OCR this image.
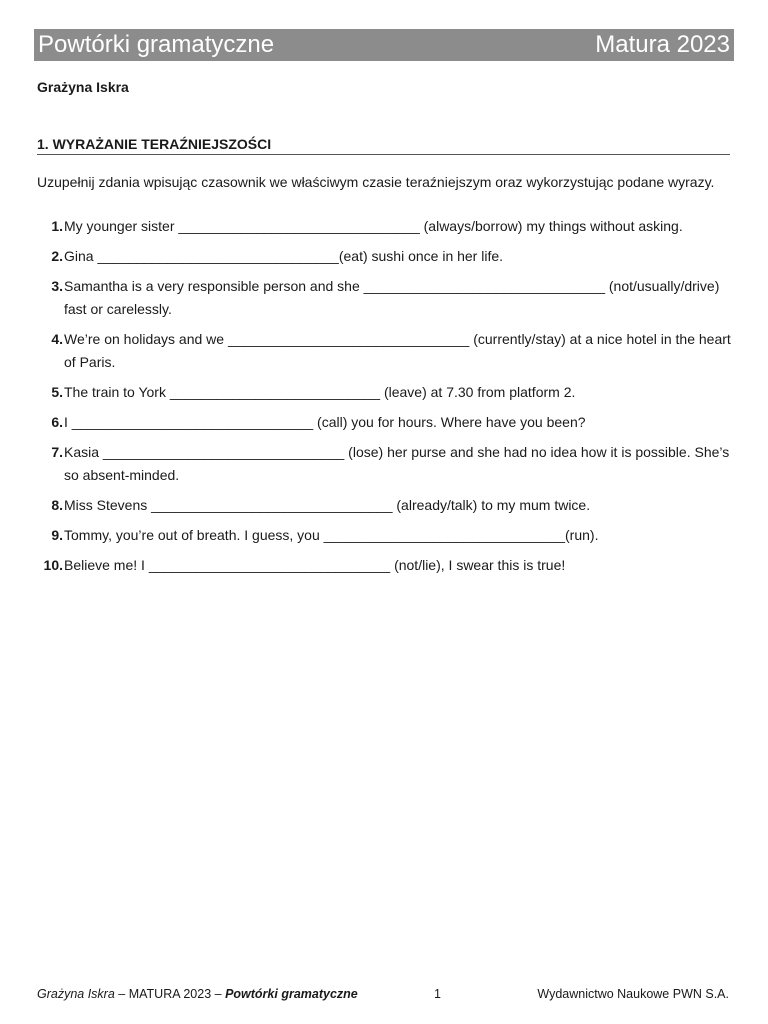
Powtórki gramatyczne	Matura 2023
Grażyna Iskra
1. WYRAŻANIE TERAŹNIEJSZOŚCI
Uzupełnij zdania wpisując czasownik we właściwym czasie teraźniejszym oraz wykorzystując podane wyrazy.
1. My younger sister _______________________________ (always/borrow) my things without asking.
2. Gina _______________________________(eat) sushi once in her life.
3. Samantha is a very responsible person and she _______________________________ (not/usually/drive) fast or carelessly.
4. We’re on holidays and we _______________________________ (currently/stay) at a nice hotel in the heart of Paris.
5. The train to York ___________________________ (leave) at 7.30 from platform 2.
6. I _______________________________ (call) you for hours. Where have you been?
7. Kasia _______________________________ (lose) her purse and she had no idea how it is possible. She’s so absent-minded.
8. Miss Stevens _______________________________ (already/talk) to my mum twice.
9. Tommy, you’re out of breath. I guess, you _______________________________(run).
10. Believe me! I _______________________________ (not/lie), I swear this is true!
Grażyna Iskra – MATURA 2023 – Powtórki gramatyczne	1	Wydawnictwo Naukowe PWN S.A.
